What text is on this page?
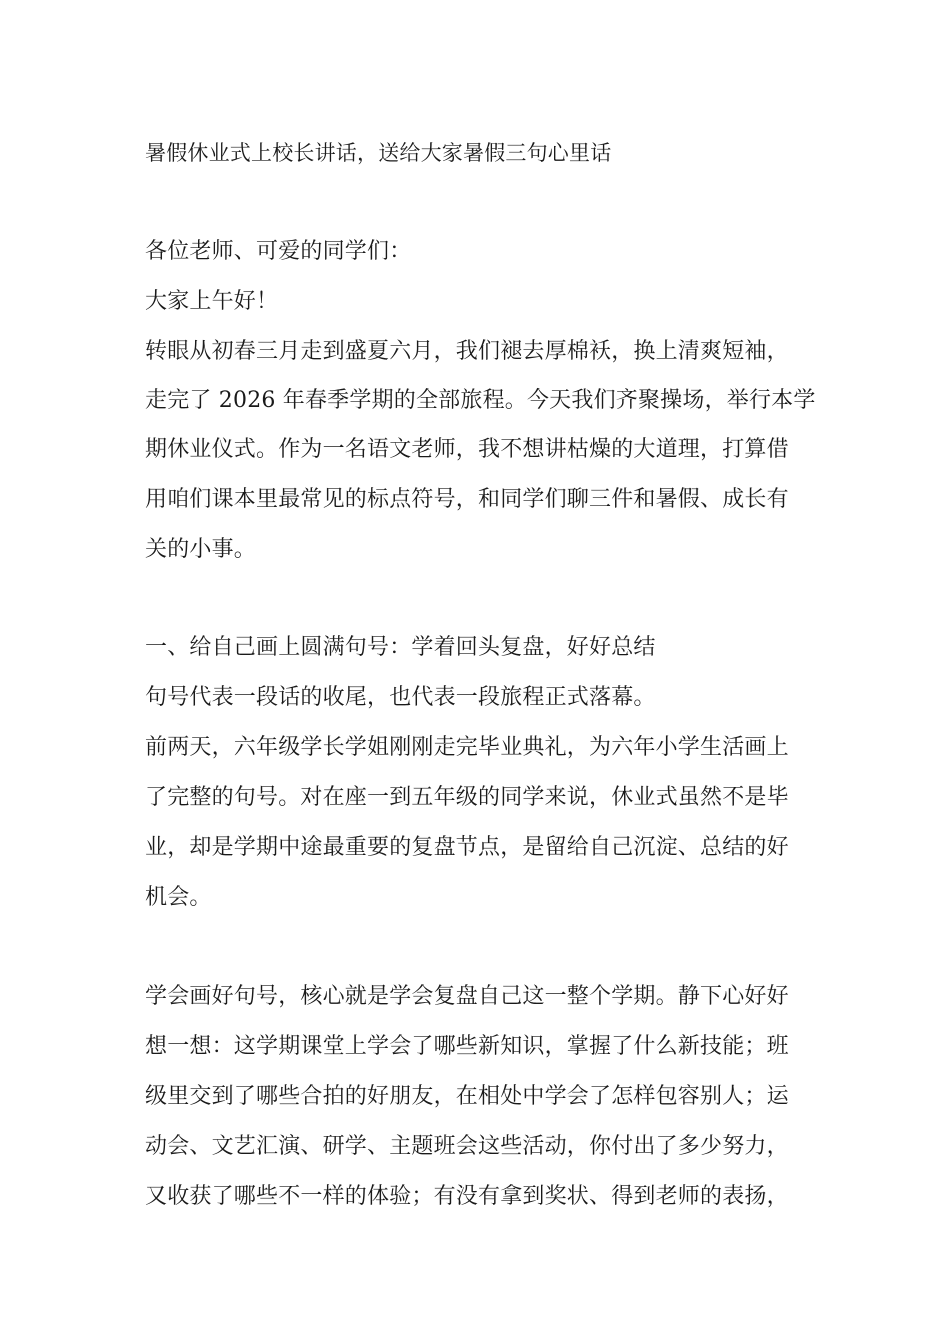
暑假休业式上校长讲话，送给大家暑假三句心里话
各位老师、可爱的同学们：
大家上午好！
转眼从初春三月走到盛夏六月，我们褪去厚棉袄，换上清爽短袖，
走完了 2026 年春季学期的全部旅程。今天我们齐聚操场，举行本学
期休业仪式。作为一名语文老师，我不想讲枯燥的大道理，打算借
用咱们课本里最常见的标点符号，和同学们聊三件和暑假、成长有
关的小事。
一、给自己画上圆满句号：学着回头复盘，好好总结
句号代表一段话的收尾，也代表一段旅程正式落幕。
前两天，六年级学长学姐刚刚走完毕业典礼，为六年小学生活画上
了完整的句号。对在座一到五年级的同学来说，休业式虽然不是毕
业，却是学期中途最重要的复盘节点，是留给自己沉淀、总结的好
机会。
学会画好句号，核心就是学会复盘自己这一整个学期。静下心好好
想一想：这学期课堂上学会了哪些新知识，掌握了什么新技能；班
级里交到了哪些合拍的好朋友，在相处中学会了怎样包容别人；运
动会、文艺汇演、研学、主题班会这些活动，你付出了多少努力，
又收获了哪些不一样的体验；有没有拿到奖状、得到老师的表扬，
